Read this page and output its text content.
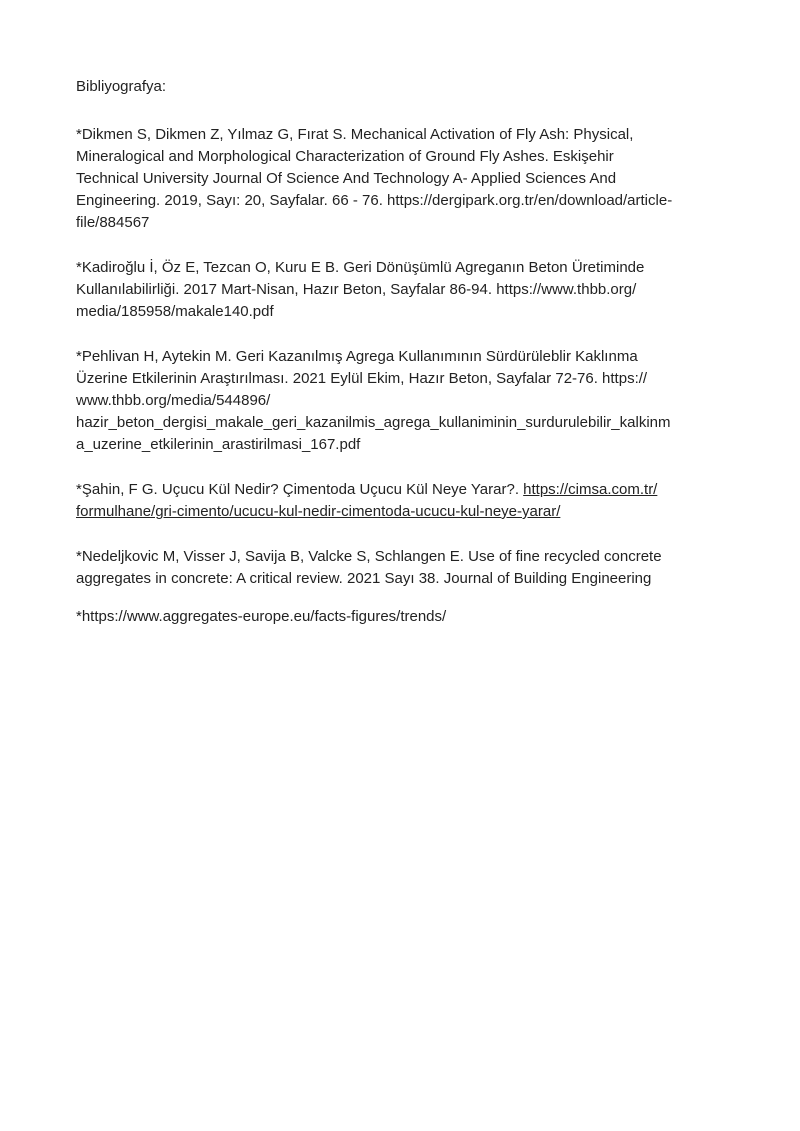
Bibliyografya:

*Dikmen S, Dikmen Z, Yılmaz G, Fırat S. Mechanical Activation of Fly Ash: Physical,
Mineralogical and Morphological Characterization of Ground Fly Ashes. Eskişehir
Technical University Journal Of Science And Technology A- Applied Sciences And
Engineering. 2019, Sayı: 20, Sayfalar. 66 - 76. https://dergipark.org.tr/en/download/article-
file/884567

*Kadiroğlu İ, Öz E, Tezcan O, Kuru E B. Geri Dönüşümlü Agreganın Beton Üretiminde
Kullanılabilirliği. 2017 Mart-Nisan, Hazır Beton, Sayfalar 86-94. https://www.thbb.org/
media/185958/makale140.pdf

*Pehlivan H, Aytekin M. Geri Kazanılmış Agrega Kullanımının Sürdürüleblir Kaklınma
Üzerine Etkilerinin Araştırılması. 2021 Eylül Ekim, Hazır Beton, Sayfalar 72-76. https://
www.thbb.org/media/544896/
hazir_beton_dergisi_makale_geri_kazanilmis_agrega_kullaniminin_surdurulebilir_kalkinm
a_uzerine_etkilerinin_arastirilmasi_167.pdf

*Şahin, F G. Uçucu Kül Nedir? Çimentoda Uçucu Kül Neye Yarar?. https://cimsa.com.tr/
formulhane/gri-cimento/ucucu-kul-nedir-cimentoda-ucucu-kul-neye-yarar/

*Nedeljkovic M, Visser J, Savija B, Valcke S, Schlangen E. Use of fine recycled concrete
aggregates in concrete: A critical review. 2021 Sayı 38. Journal of Building Engineering

*https://www.aggregates-europe.eu/facts-figures/trends/
